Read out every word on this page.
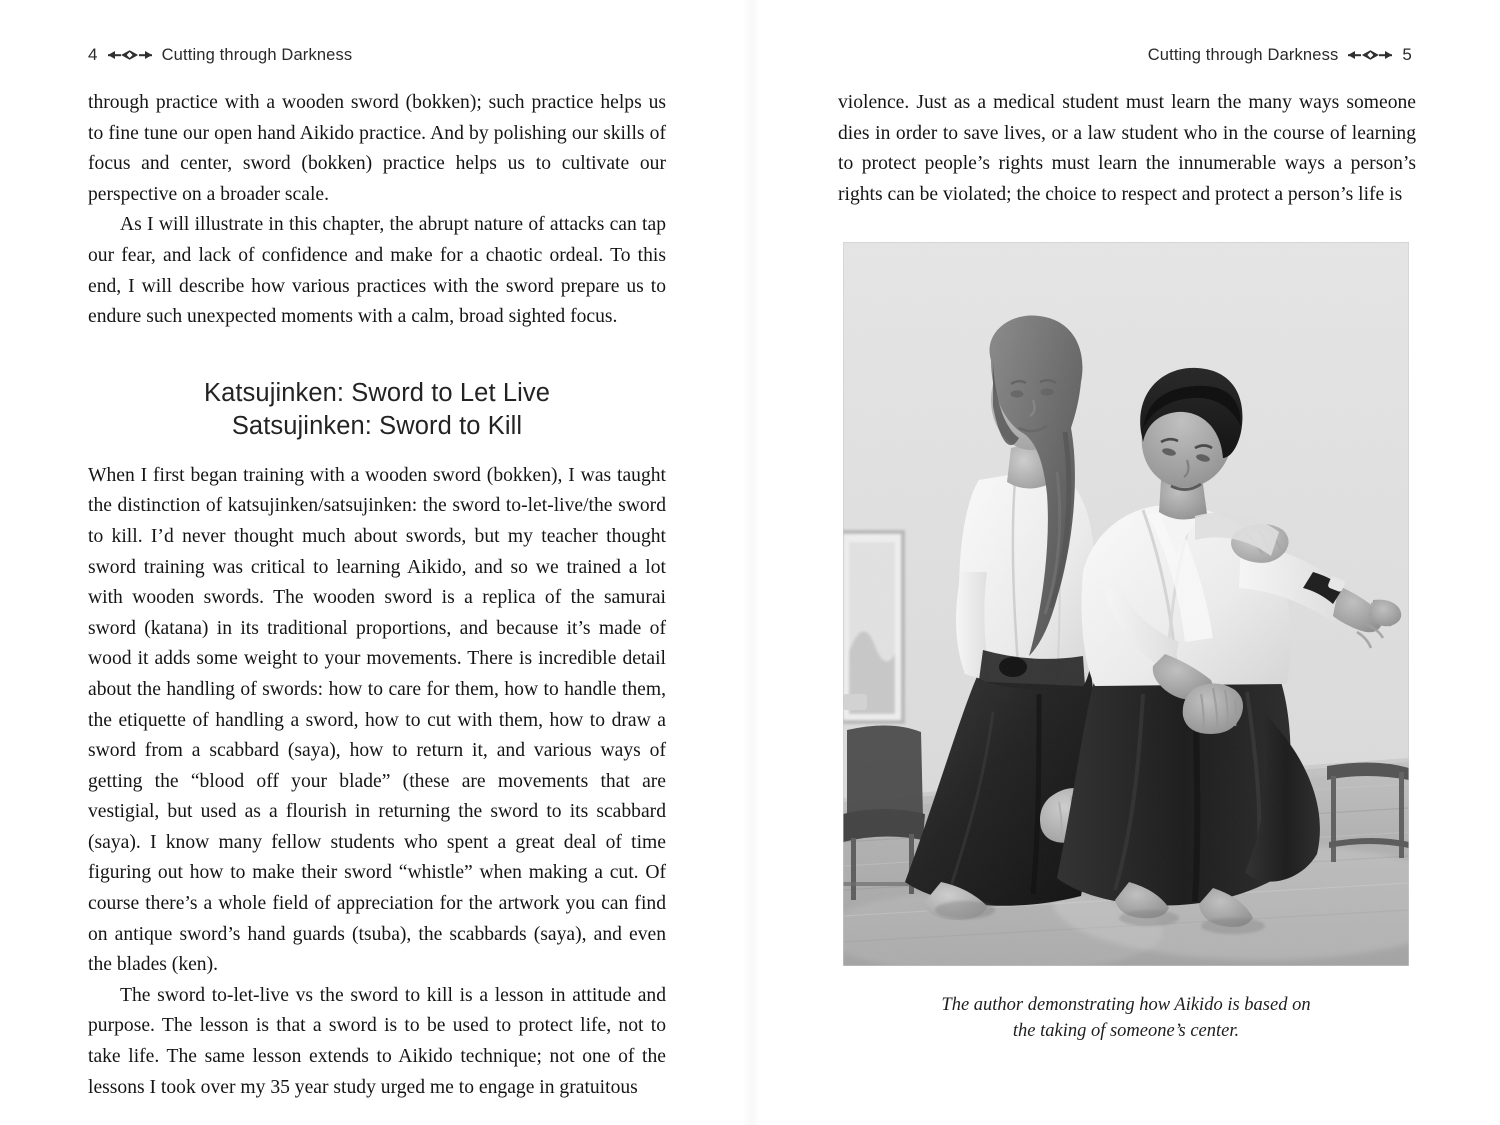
4	Cutting through Darkness

through practice with a wooden sword (bokken); such practice helps us to fine tune our open hand Aikido practice. And by polishing our skills of focus and center, sword (bokken) practice helps us to cultivate our perspective on a broader scale.

As I will illustrate in this chapter, the abrupt nature of attacks can tap our fear, and lack of confidence and make for a chaotic ordeal. To this end, I will describe how various practices with the sword prepare us to endure such unexpected moments with a calm, broad sighted focus.

Katsujinken: Sword to Let Live
Satsujinken: Sword to Kill

When I first began training with a wooden sword (bokken), I was taught the distinction of katsujinken/satsujinken: the sword to-let-live/the sword to kill. I’d never thought much about swords, but my teacher thought sword training was critical to learning Aikido, and so we trained a lot with wooden swords. The wooden sword is a replica of the samurai sword (katana) in its traditional proportions, and because it’s made of wood it adds some weight to your movements. There is incredible detail about the handling of swords: how to care for them, how to handle them, the etiquette of handling a sword, how to cut with them, how to draw a sword from a scabbard (saya), how to return it, and various ways of getting the “blood off your blade” (these are movements that are vestigial, but used as a flourish in returning the sword to its scabbard (saya). I know many fellow students who spent a great deal of time figuring out how to make their sword “whistle” when making a cut. Of course there’s a whole field of appreciation for the artwork you can find on antique sword’s hand guards (tsuba), the scabbards (saya), and even the blades (ken).

The sword to-let-live vs the sword to kill is a lesson in attitude and purpose. The lesson is that a sword is to be used to protect life, not to take life. The same lesson extends to Aikido technique; not one of the lessons I took over my 35 year study urged me to engage in gratuitous

Cutting through Darkness	5

violence. Just as a medical student must learn the many ways someone dies in order to save lives, or a law student who in the course of learning to protect people’s rights must learn the innumerable ways a person’s rights can be violated; the choice to respect and protect a person’s life is

The author demonstrating how Aikido is based on
the taking of someone’s center.
